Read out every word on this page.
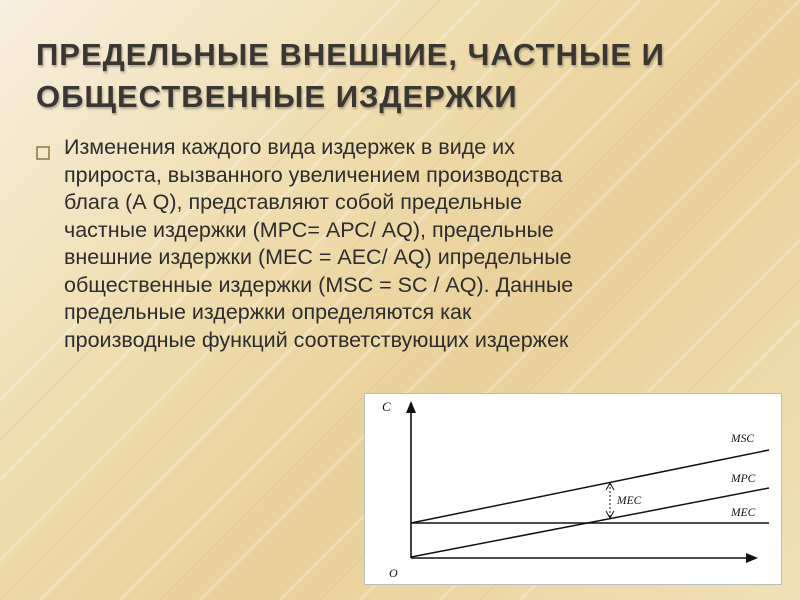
ПРЕДЕЛЬНЫЕ ВНЕШНИЕ, ЧАСТНЫЕ И
ОБЩЕСТВЕННЫЕ ИЗДЕРЖКИ

Изменения каждого вида издержек в виде их
прироста, вызванного увеличением производства
блага (А Q), представляют собой предельные
частные издержки (МРС= АРС/ АQ), предельные
внешние издержки (МЕС = АЕС/ АQ) ипредельные
общественные издержки (MSC = SC / АQ). Данные
предельные издержки определяются как
производные функций соответствующих издержек

C
O
MSC
MPC
MEC
MEC
